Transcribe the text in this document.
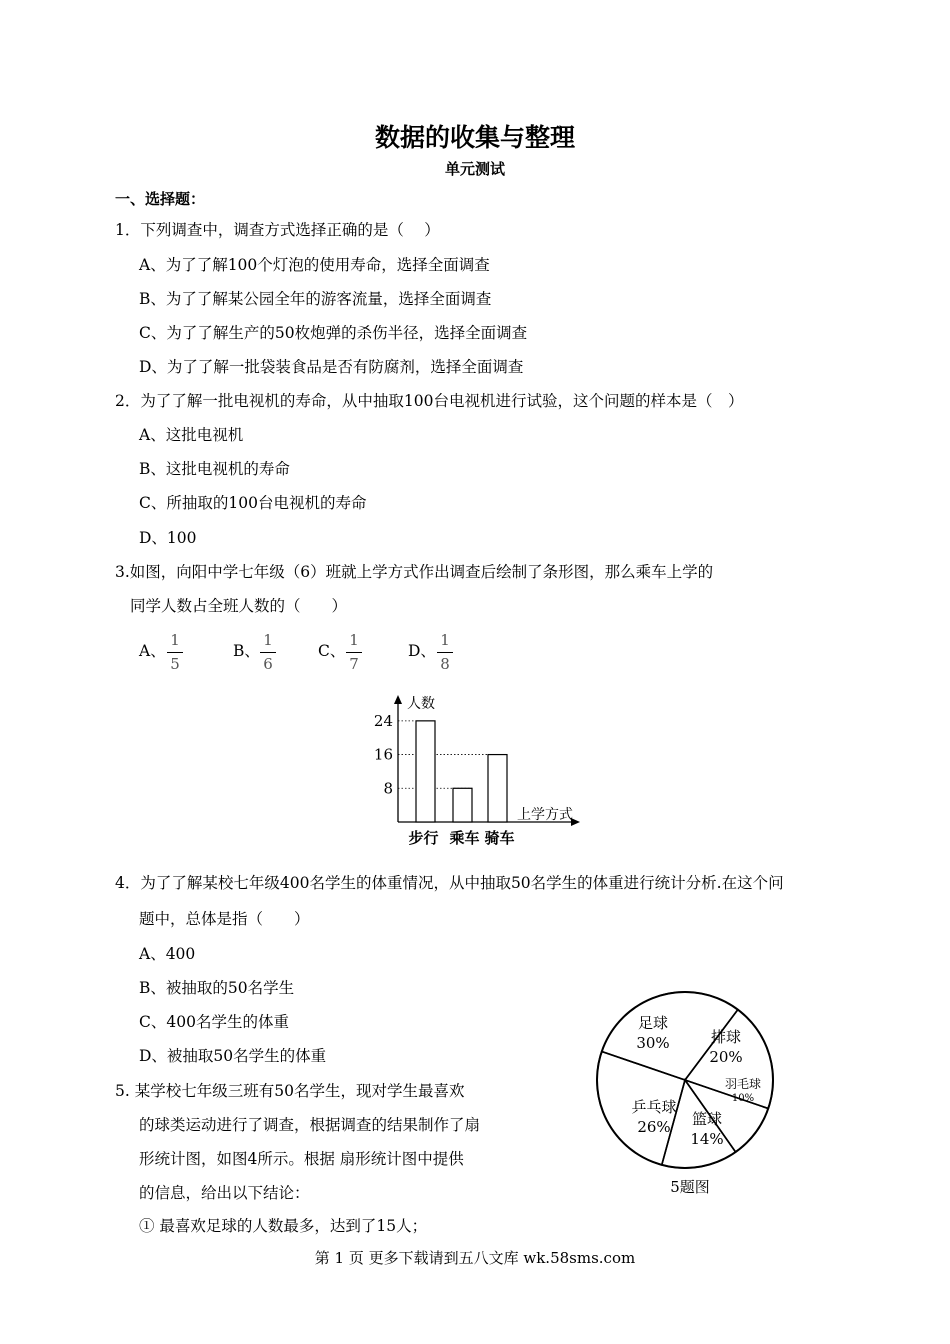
数据的收集与整理
单元测试
一、选择题：
1．下列调查中，调查方式选择正确的是（　 ）
A、为了了解100个灯泡的使用寿命，选择全面调查
B、为了了解某公园全年的游客流量，选择全面调查
C、为了了解生产的50枚炮弹的杀伤半径，选择全面调查
D、为了了解一批袋装食品是否有防腐剂，选择全面调查
2．为了了解一批电视机的寿命，从中抽取100台电视机进行试验，这个问题的样本是（　）
A、这批电视机
B、这批电视机的寿命
C、所抽取的100台电视机的寿命
D、100
3.如图，向阳中学七年级（6）班就上学方式作出调查后绘制了条形图，那么乘车上学的
同学人数占全班人数的（　　）
A、
1
5
B、
1
6
C、
1
7
D、
1
8
人数
上学方式
24
16
8
步行 乘车 骑车
4．为了了解某校七年级400名学生的体重情况，从中抽取50名学生的体重进行统计分析.在这个问
题中，总体是指（　　）
A、400
B、被抽取的50名学生
C、400名学生的体重
D、被抽取50名学生的体重
5. 某学校七年级三班有50名学生，现对学生最喜欢
的球类运动进行了调查，根据调查的结果制作了扇
形统计图，如图4所示。根据 扇形统计图中提供
的信息，给出以下结论：
① 最喜欢足球的人数最多，达到了15人；
足球
30%	排球
20%
羽毛球
10%
篮球
14%
乒乓球
26%
5题图
第 1 页 更多下载请到五八文库 wk.58sms.com
